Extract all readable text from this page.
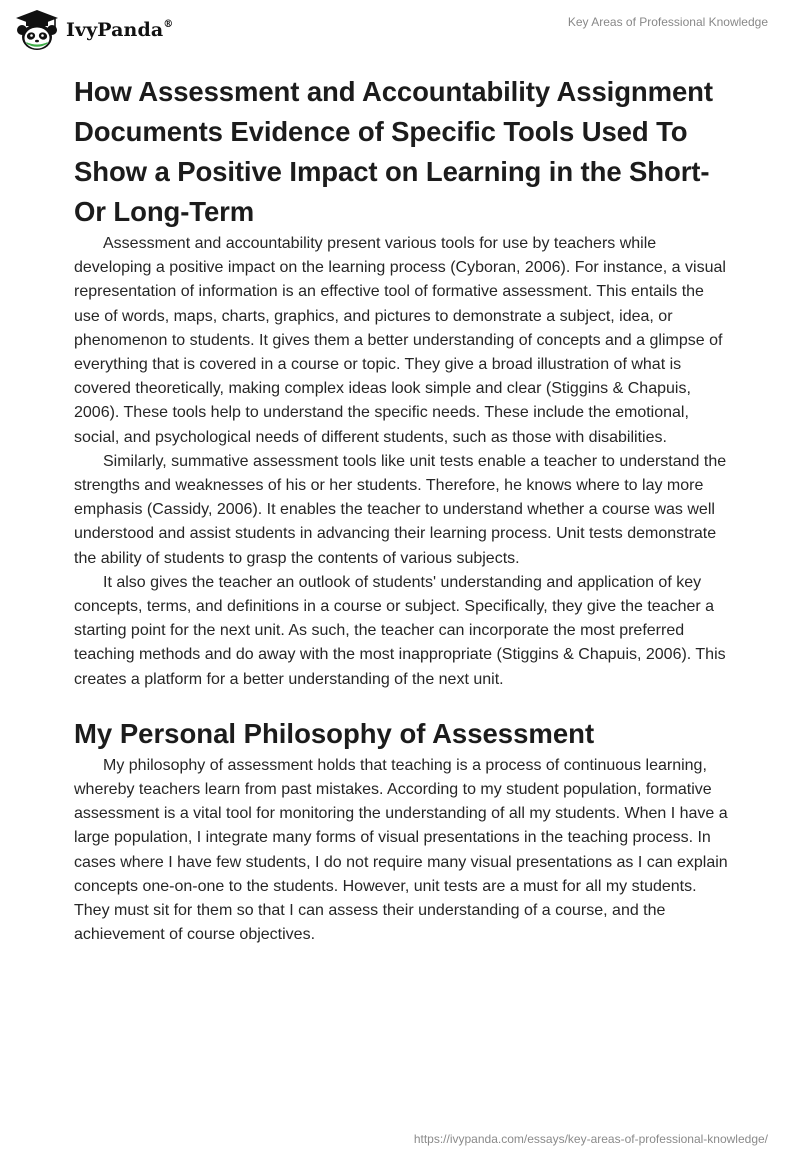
IvyPanda®	Key Areas of Professional Knowledge
How Assessment and Accountability Assignment Documents Evidence of Specific Tools Used To Show a Positive Impact on Learning in the Short- Or Long-Term

Assessment and accountability present various tools for use by teachers while developing a positive impact on the learning process (Cyboran, 2006). For instance, a visual representation of information is an effective tool of formative assessment. This entails the use of words, maps, charts, graphics, and pictures to demonstrate a subject, idea, or phenomenon to students. It gives them a better understanding of concepts and a glimpse of everything that is covered in a course or topic. They give a broad illustration of what is covered theoretically, making complex ideas look simple and clear (Stiggins & Chapuis, 2006). These tools help to understand the specific needs. These include the emotional, social, and psychological needs of different students, such as those with disabilities.

Similarly, summative assessment tools like unit tests enable a teacher to understand the strengths and weaknesses of his or her students. Therefore, he knows where to lay more emphasis (Cassidy, 2006). It enables the teacher to understand whether a course was well understood and assist students in advancing their learning process. Unit tests demonstrate the ability of students to grasp the contents of various subjects.

It also gives the teacher an outlook of students' understanding and application of key concepts, terms, and definitions in a course or subject. Specifically, they give the teacher a starting point for the next unit. As such, the teacher can incorporate the most preferred teaching methods and do away with the most inappropriate (Stiggins & Chapuis, 2006). This creates a platform for a better understanding of the next unit.

My Personal Philosophy of Assessment

My philosophy of assessment holds that teaching is a process of continuous learning, whereby teachers learn from past mistakes. According to my student population, formative assessment is a vital tool for monitoring the understanding of all my students. When I have a large population, I integrate many forms of visual presentations in the teaching process. In cases where I have few students, I do not require many visual presentations as I can explain concepts one-on-one to the students. However, unit tests are a must for all my students. They must sit for them so that I can assess their understanding of a course, and the achievement of course objectives.

https://ivypanda.com/essays/key-areas-of-professional-knowledge/
